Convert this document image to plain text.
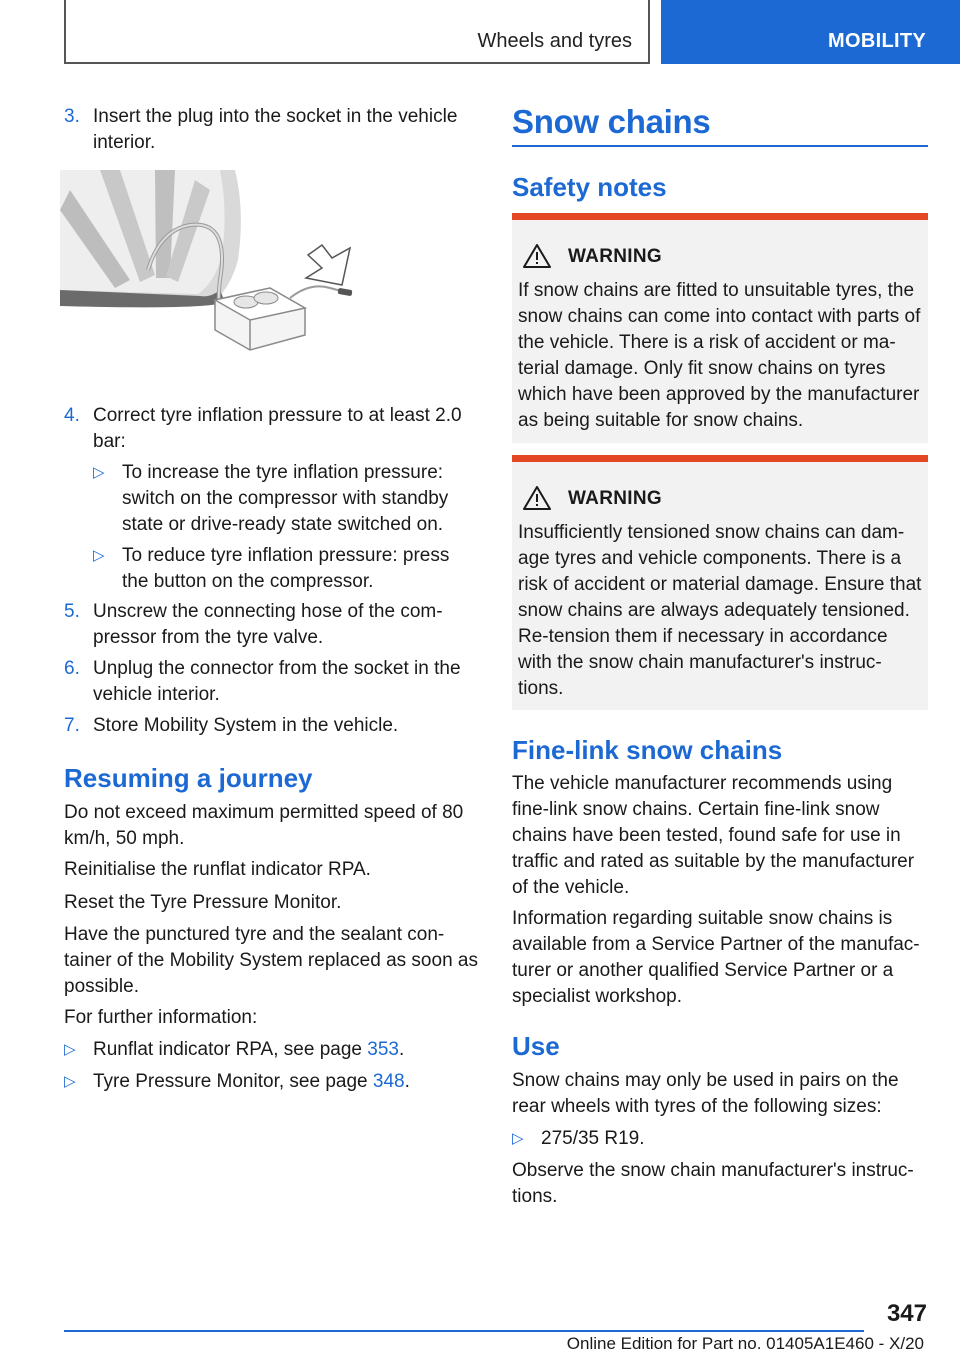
Wheels and tyres	MOBILITY
3. Insert the plug into the socket in the vehicle interior.
4. Correct tyre inflation pressure to at least 2.0 bar:
▷ To increase the tyre inflation pressure: switch on the compressor with standby state or drive-ready state switched on.
▷ To reduce tyre inflation pressure: press the button on the compressor.
5. Unscrew the connecting hose of the com-pressor from the tyre valve.
6. Unplug the connector from the socket in the vehicle interior.
7. Store Mobility System in the vehicle.
Resuming a journey
Do not exceed maximum permitted speed of 80 km/h, 50 mph.
Reinitialise the runflat indicator RPA.
Reset the Tyre Pressure Monitor.
Have the punctured tyre and the sealant con-tainer of the Mobility System replaced as soon as possible.
For further information:
▷ Runflat indicator RPA, see page 353.
▷ Tyre Pressure Monitor, see page 348.
Snow chains
Safety notes
WARNING
If snow chains are fitted to unsuitable tyres, the snow chains can come into contact with parts of the vehicle. There is a risk of accident or ma-terial damage. Only fit snow chains on tyres which have been approved by the manufacturer as being suitable for snow chains.
WARNING
Insufficiently tensioned snow chains can dam-age tyres and vehicle components. There is a risk of accident or material damage. Ensure that snow chains are always adequately tensioned. Re-tension them if necessary in accordance with the snow chain manufacturer's instruc-tions.
Fine-link snow chains
The vehicle manufacturer recommends using fine-link snow chains. Certain fine-link snow chains have been tested, found safe for use in traffic and rated as suitable by the manufacturer of the vehicle.
Information regarding suitable snow chains is available from a Service Partner of the manufac-turer or another qualified Service Partner or a specialist workshop.
Use
Snow chains may only be used in pairs on the rear wheels with tyres of the following sizes:
▷ 275/35 R19.
Observe the snow chain manufacturer's instruc-tions.
347
Online Edition for Part no. 01405A1E460 - X/20
